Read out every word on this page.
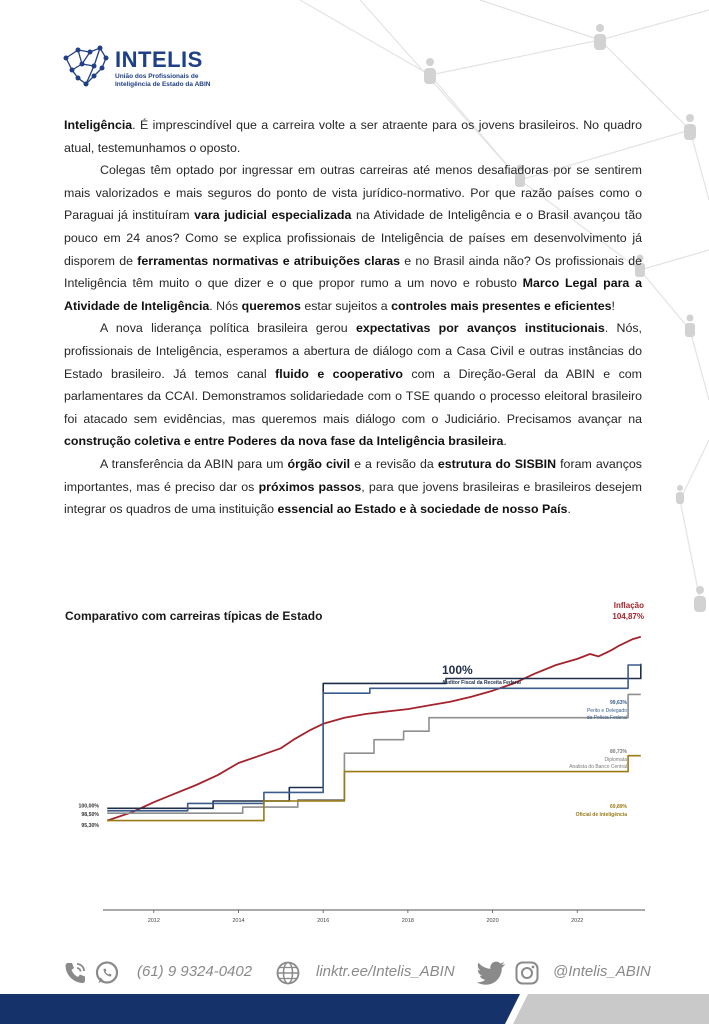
INTELIS
União dos Profissionais de
Inteligência de Estado da ABIN

Inteligência. É imprescindível que a carreira volte a ser atraente para os jovens brasileiros. No quadro atual, testemunhamos o oposto.

Colegas têm optado por ingressar em outras carreiras até menos desafiadoras por se sentirem mais valorizados e mais seguros do ponto de vista jurídico-normativo. Por que razão países como o Paraguai já instituíram vara judicial especializada na Atividade de Inteligência e o Brasil avançou tão pouco em 24 anos? Como se explica profissionais de Inteligência de países em desenvolvimento já disporem de ferramentas normativas e atribuições claras e no Brasil ainda não? Os profissionais de Inteligência têm muito o que dizer e o que propor rumo a um novo e robusto Marco Legal para a Atividade de Inteligência. Nós queremos estar sujeitos a controles mais presentes e eficientes!

A nova liderança política brasileira gerou expectativas por avanços institucionais. Nós, profissionais de Inteligência, esperamos a abertura de diálogo com a Casa Civil e outras instâncias do Estado brasileiro. Já temos canal fluido e cooperativo com a Direção-Geral da ABIN e com parlamentares da CCAI. Demonstramos solidariedade com o TSE quando o processo eleitoral brasileiro foi atacado sem evidências, mas queremos mais diálogo com o Judiciário. Precisamos avançar na construção coletiva e entre Poderes da nova fase da Inteligência brasileira.

A transferência da ABIN para um órgão civil e a revisão da estrutura do SISBIN foram avanços importantes, mas é preciso dar os próximos passos, para que jovens brasileiras e brasileiros desejem integrar os quadros de uma instituição essencial ao Estado e à sociedade de nosso País.

Comparativo com carreiras típicas de Estado
2012	2014	2016	2018	2020	2022
100,00%
98,50%
95,30%
Inflação
104,87%
100%
Auditor Fiscal da Receita Federal
99,63%
Perito e Delegado
da Polícia Federal
80,73%
Diplomata
Analista do Banco Central
69,89%
Oficial de Inteligência
(61) 9 9324-0402	linktr.ee/Intelis_ABIN	@Intelis_ABIN
